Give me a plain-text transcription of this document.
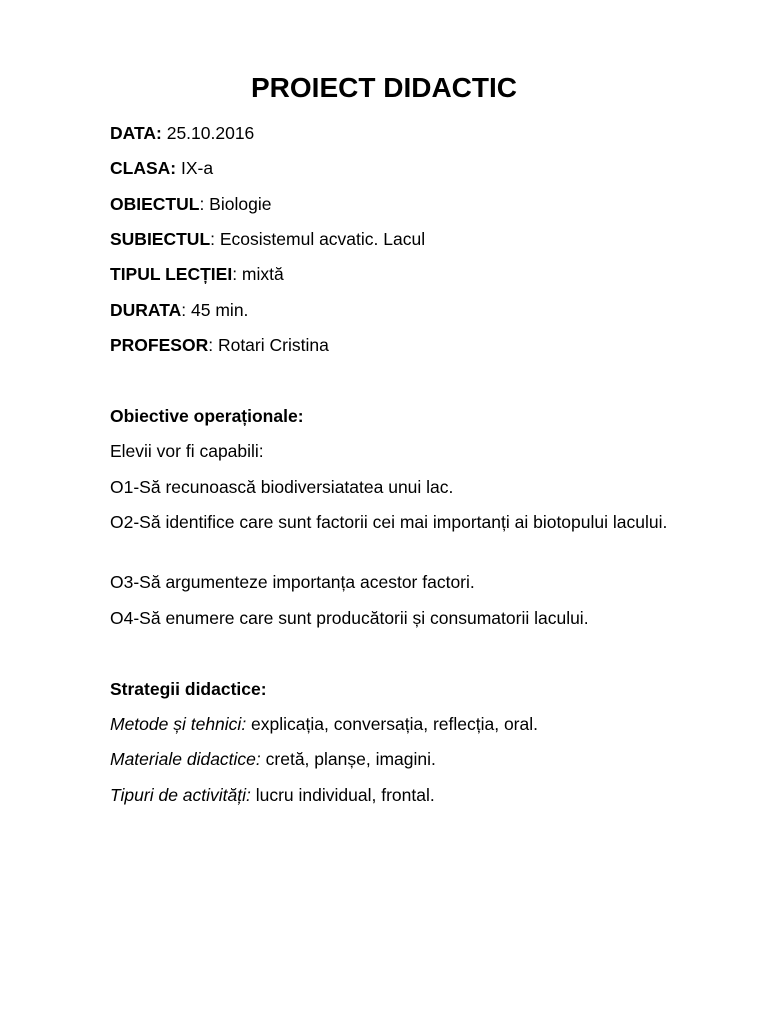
PROIECT DIDACTIC
DATA: 25.10.2016
CLASA: IX-a
OBIECTUL: Biologie
SUBIECTUL: Ecosistemul acvatic. Lacul
TIPUL LECȚIEI: mixtă
DURATA: 45 min.
PROFESOR: Rotari Cristina
Obiective operaționale:
Elevii vor fi capabili:
O1-Să recunoască biodiversiatatea unui lac.
O2-Să identifice care sunt factorii cei mai importanți ai biotopului lacului.
O3-Să argumenteze importanța acestor factori.
O4-Să enumere care sunt producătorii și consumatorii lacului.
Strategii didactice:
Metode și tehnici: explicația, conversația, reflecția, oral.
Materiale didactice: cretă, planșe, imagini.
Tipuri de activități: lucru individual, frontal.
